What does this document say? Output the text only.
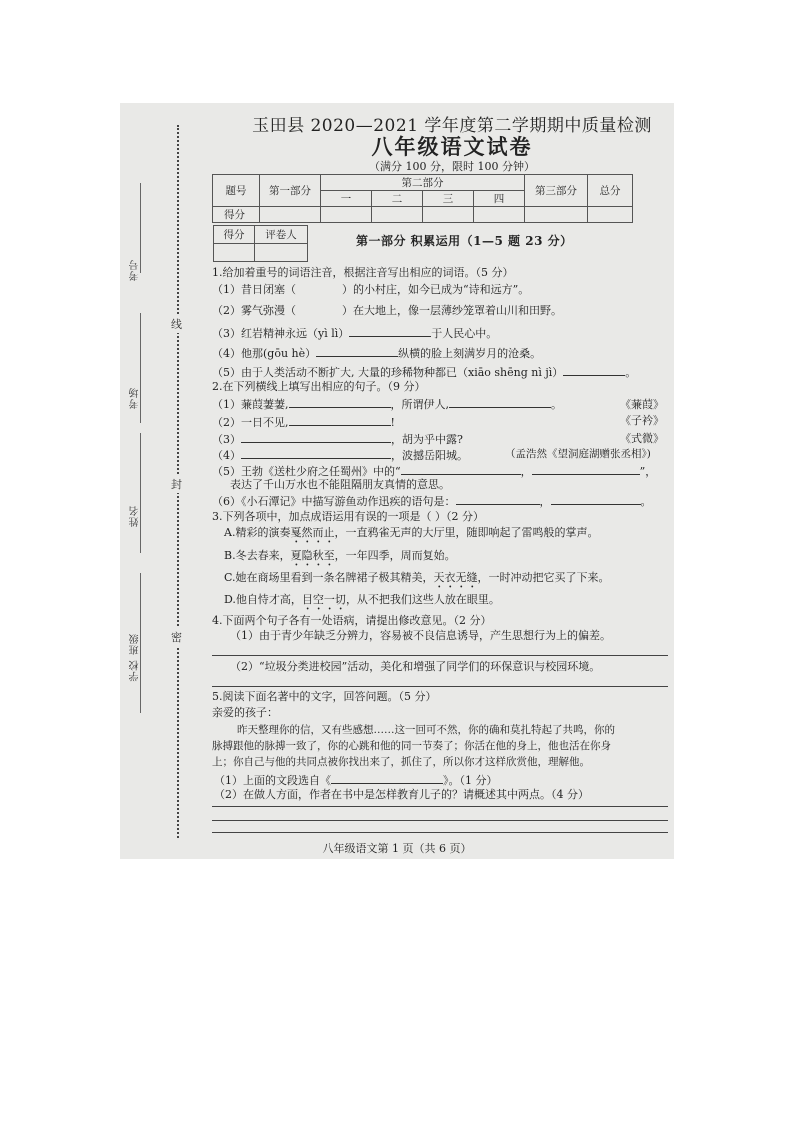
考号
考场
姓名
学校 班级
线
封
密
玉田县 2020—2021 学年度第二学期期中质量检测
八年级语文试卷
（满分 100 分，限时 100 分钟）
题号	第一部分	第二部分				第三部分	总分
		一	二	三	四		
得分							
得分	评卷人
		第一部分 积累运用（1—5 题 23 分）
1.给加着重号的词语注音，根据注音写出相应的词语。（5 分）
（1）昔日闭塞（	）的小村庄，如今已成为“诗和远方”。
（2）雾气弥漫（	）在大地上，像一层薄纱笼罩着山川和田野。
（3）红岩精神永远（yì lì）	于人民心中。
（4）他那(gōu hè）	纵横的脸上刻满岁月的沧桑。
（5）由于人类活动不断扩大, 大量的珍稀物种都已（xiāo shēng nì jì）	。
2.在下列横线上填写出相应的句子。（9 分）
（1）蒹葭萋萋,	，所谓伊人,	。	《蒹葭》
（2）一日不见,	!	《子衿》
（3）	，胡为乎中露?	《式微》
（4）	，波撼岳阳城。	（孟浩然《望洞庭湖赠张丞相》)
（5）王勃《送杜少府之任蜀州》中的“	，	”，
表达了千山万水也不能阻隔朋友真情的意思。
（6）《小石潭记》中描写游鱼动作迅疾的语句是：	，	。
3.下列各项中，加点成语运用有误的一项是（ ）（2 分）
A.精彩的演奏戛然而止，一直鸦雀无声的大厅里，随即响起了雷鸣般的掌声。
B.冬去春来，夏隐秋至，一年四季，周而复始。
C.她在商场里看到一条名牌裙子极其精美，天衣无缝，一时冲动把它买了下来。
D.他自恃才高，目空一切，从不把我们这些人放在眼里。
4.下面两个句子各有一处语病，请提出修改意见。（2 分）
（1）由于青少年缺乏分辨力，容易被不良信息诱导，产生思想行为上的偏差。
（2）“垃圾分类进校园”活动，美化和增强了同学们的环保意识与校园环境。
5.阅读下面名著中的文字，回答问题。（5 分）
亲爱的孩子：
昨天整理你的信，又有些感想……这一回可不然，你的确和莫扎特起了共鸣，你的
脉搏跟他的脉搏一致了，你的心跳和他的同一节奏了；你活在他的身上，他也活在你身
上；你自己与他的共同点被你找出来了，抓住了，所以你才这样欣赏他，理解他。
（1）上面的文段选自《	》。（1 分）
（2）在做人方面，作者在书中是怎样教育儿子的？请概述其中两点。（4 分）
八年级语文第 1 页（共 6 页）
